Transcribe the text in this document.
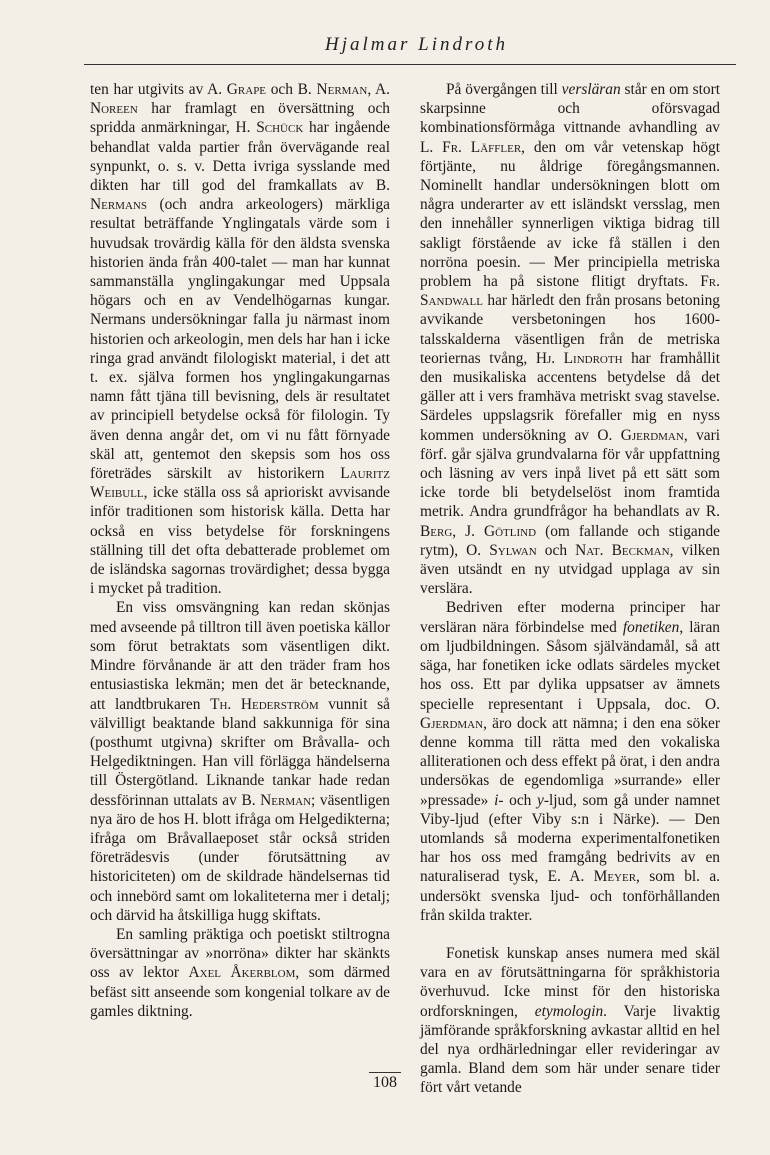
Hjalmar Lindroth

ten har utgivits av A. Grape och B. Nerman, A. Noreen har framlagt en översättning och spridda anmärkningar, H. Schück har ingående behandlat valda partier från övervägande real synpunkt, o. s. v. Detta ivriga sysslande med dikten har till god del framkallats av B. Nermans (och andra arkeologers) märkliga resultat beträffande Ynglingatals värde som i huvudsak trovärdig källa för den äldsta svenska historien ända från 400-talet — man har kunnat sammanställa ynglingakungar med Uppsala högars och en av Vendelhögarnas kungar. Nermans undersökningar falla ju närmast inom historien och arkeologin, men dels har han i icke ringa grad användt filologiskt material, i det att t. ex. själva formen hos ynglingakungarnas namn fått tjäna till bevisning, dels är resultatet av principiell betydelse också för filologin. Ty även denna angår det, om vi nu fått förnyade skäl att, gentemot den skepsis som hos oss företrädes särskilt av historikern Lauritz Weibull, icke ställa oss så aprioriskt avvisande inför traditionen som historisk källa. Detta har också en viss betydelse för forskningens ställning till det ofta debatterade problemet om de isländska sagornas trovärdighet; dessa bygga i mycket på tradition.

En viss omsvängning kan redan skönjas med avseende på tilltron till även poetiska källor som förut betraktats som väsentligen dikt. Mindre förvånande är att den träder fram hos entusiastiska lekmän; men det är betecknande, att landtbrukaren Th. Hederström vunnit så välvilligt beaktande bland sakkunniga för sina (posthumt utgivna) skrifter om Bråvalla- och Helgediktningen. Han vill förlägga händelserna till Östergötland. Liknande tankar hade redan dessförinnan uttalats av B. Nerman; väsentligen nya äro de hos H. blott ifråga om Helgedikterna; ifråga om Bråvallaeposet står också striden företrädesvis (under förutsättning av historiciteten) om de skildrade händelsernas tid och innebörd samt om lokaliteterna mer i detalj; och därvid ha åtskilliga hugg skiftats.

En samling präktiga och poetiskt stiltrogna översättningar av »norröna» dikter har skänkts oss av lektor Axel Åkerblom, som därmed befäst sitt anseende som kongenial tolkare av de gamles diktning.

På övergången till versläran står en om stort skarpsinne och oförsvagad kombinationsförmåga vittnande avhandling av L. Fr. Läffler, den om vår vetenskap högt förtjänte, nu åldrige föregångsmannen. Nominellt handlar undersökningen blott om några underarter av ett isländskt versslag, men den innehåller synnerligen viktiga bidrag till sakligt förstående av icke få ställen i den norröna poesin. — Mer principiella metriska problem ha på sistone flitigt dryftats. Fr. Sandwall har härledt den från prosans betoning avvikande versbetoningen hos 1600-talsskalderna väsentligen från de metriska teoriernas tvång, Hj. Lindroth har framhållit den musikaliska accentens betydelse då det gäller att i vers framhäva metriskt svag stavelse. Särdeles uppslagsrik förefaller mig en nyss kommen undersökning av O. Gjerdman, vari förf. går själva grundvalarna för vår uppfattning och läsning av vers inpå livet på ett sätt som icke torde bli betydelselöst inom framtida metrik. Andra grundfrågor ha behandlats av R. Berg, J. Götlind (om fallande och stigande rytm), O. Sylwan och Nat. Beckman, vilken även utsändt en ny utvidgad upplaga av sin verslära.

Bedriven efter moderna principer har versläran nära förbindelse med fonetiken, läran om ljudbildningen. Såsom självändamål, så att säga, har fonetiken icke odlats särdeles mycket hos oss. Ett par dylika uppsatser av ämnets specielle representant i Uppsala, doc. O. Gjerdman, äro dock att nämna; i den ena söker denne komma till rätta med den vokaliska alliterationen och dess effekt på örat, i den andra undersökas de egendomliga »surrande» eller »pressade» i- och y-ljud, som gå under namnet Viby-ljud (efter Viby s:n i Närke). — Den utomlands så moderna experimentalfonetiken har hos oss med framgång bedrivits av en naturaliserad tysk, E. A. Meyer, som bl. a. undersökt svenska ljud- och tonförhållanden från skilda trakter.

Fonetisk kunskap anses numera med skäl vara en av förutsättningarna för språkhistoria överhuvud. Icke minst för den historiska ordforskningen, etymologin. Varje livaktig jämförande språkforskning avkastar alltid en hel del nya ordhärledningar eller revideringar av gamla. Bland dem som här under senare tider fört vårt vetande

108
